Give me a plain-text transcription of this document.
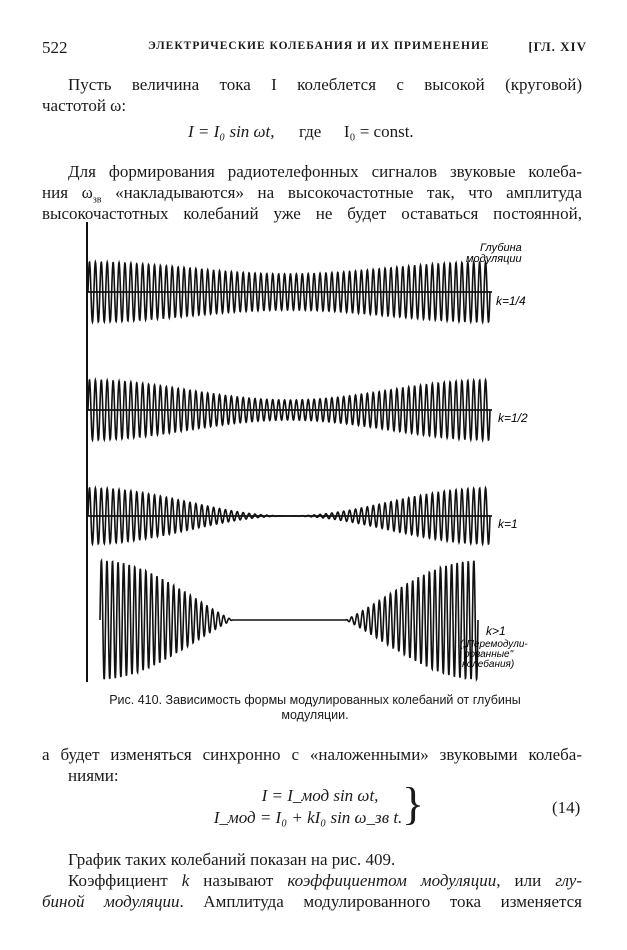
522	ЭЛЕКТРИЧЕСКИЕ КОЛЕБАНИЯ И ИХ ПРИМЕНЕНИЕ	[ГЛ. XIV
Пусть величина тока I колеблется с высокой (круговой)
частотой ω:
I = I₀ sin ωt, где I₀ = const.
Для формирования радиотелефонных сигналов звуковые колеба-
ния $\omega_{зв}$ «накладываются» на высокочастотные так, что амплитуда
высокочастотных колебаний уже не будет оставаться постоянной,
Глубина
модуляции
k=1/4
k=1/2
k=1
k>1
(„Перемодули-
рованные"
колебания)
Рис. 410. Зависимость формы модулированных колебаний от глубины
модуляции.
а будет изменяться синхронно с «наложенными» звуковыми колеба-
ниями:
I = I_мод sin ωt,
I_мод = I₀ + kI₀ sin ω_зв t. }	(14)
График таких колебаний показан на рис. 409.
Коэффициент k называют коэффициентом модуляции, или глу-
биной модуляции. Амплитуда модулированного тока изменяется
